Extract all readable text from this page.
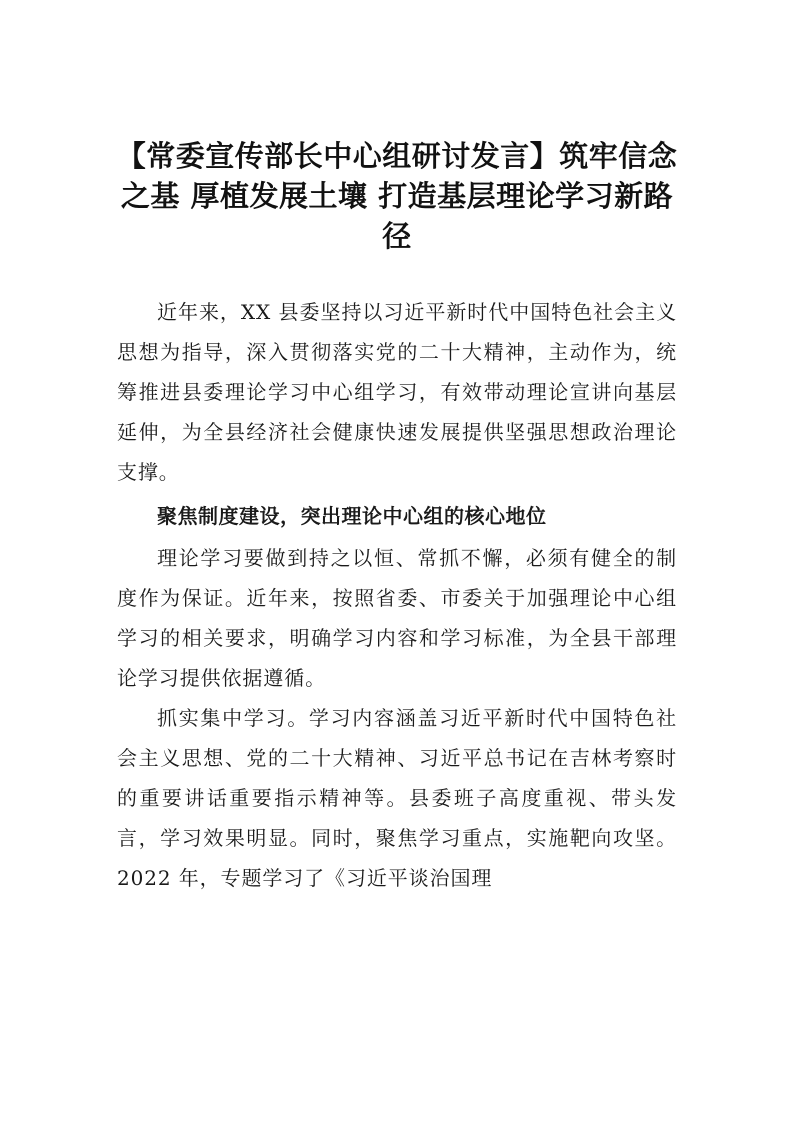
【常委宣传部长中心组研讨发言】筑牢信念之基 厚植发展土壤 打造基层理论学习新路径

近年来，XX 县委坚持以习近平新时代中国特色社会主义思想为指导，深入贯彻落实党的二十大精神，主动作为，统筹推进县委理论学习中心组学习，有效带动理论宣讲向基层延伸，为全县经济社会健康快速发展提供坚强思想政治理论支撑。

聚焦制度建设，突出理论中心组的核心地位

理论学习要做到持之以恒、常抓不懈，必须有健全的制度作为保证。近年来，按照省委、市委关于加强理论中心组学习的相关要求，明确学习内容和学习标准，为全县干部理论学习提供依据遵循。

抓实集中学习。学习内容涵盖习近平新时代中国特色社会主义思想、党的二十大精神、习近平总书记在吉林考察时的重要讲话重要指示精神等。县委班子高度重视、带头发言，学习效果明显。同时，聚焦学习重点，实施靶向攻坚。2022 年，专题学习了《习近平谈治国理
